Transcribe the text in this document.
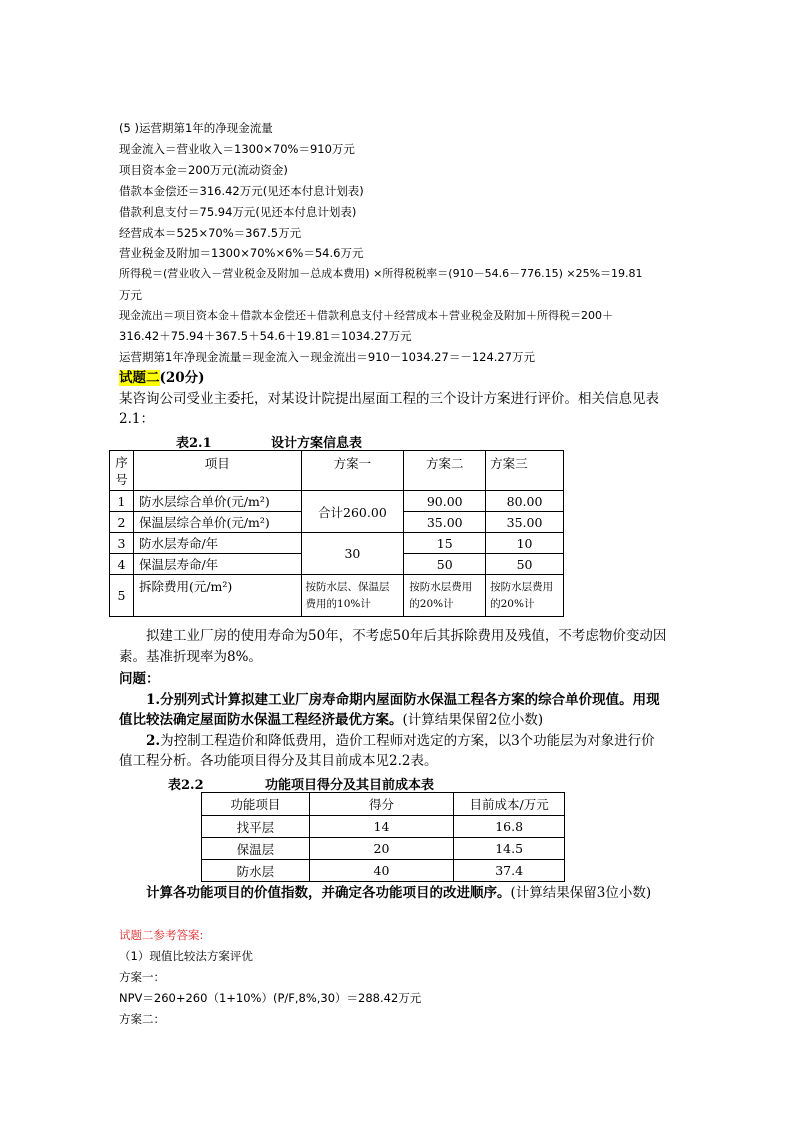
(5 )运营期第1年的净现金流量
现金流入＝营业收入＝1300×70%＝910万元
项目资本金＝200万元(流动资金)
借款本金偿还＝316.42万元(见还本付息计划表)
借款利息支付＝75.94万元(见还本付息计划表)
经营成本＝525×70%＝367.5万元
营业税金及附加＝1300×70%×6%＝54.6万元
所得税＝(营业收入－营业税金及附加－总成本费用) ×所得税税率＝(910－54.6－776.15) ×25%＝19.81
万元
现金流出＝项目资本金＋借款本金偿还＋借款利息支付＋经营成本＋营业税金及附加＋所得税＝200＋
316.42＋75.94＋367.5＋54.6＋19.81＝1034.27万元
运营期第1年净现金流量＝现金流入－现金流出＝910－1034.27＝－124.27万元
试题二(20分)
某咨询公司受业主委托，对某设计院提出屋面工程的三个设计方案进行评价。相关信息见表
2.1：
表2.1	设计方案信息表
序号	项目	方案一	方案二	方案三
1	防水层综合单价(元/m²)	合计260.00	90.00	80.00
2	保温层综合单价(元/m²)		35.00	35.00
3	防水层寿命/年	30	15	10
4	保温层寿命/年		50	50
5	拆除费用(元/m²)	按防水层、保温层费用的10%计	按防水层费用的20%计	按防水层费用的20%计
拟建工业厂房的使用寿命为50年，不考虑50年后其拆除费用及残值，不考虑物价变动因
素。基准折现率为8%。
问题：
1.分别列式计算拟建工业厂房寿命期内屋面防水保温工程各方案的综合单价现值。用现
值比较法确定屋面防水保温工程经济最优方案。(计算结果保留2位小数)
2.为控制工程造价和降低费用，造价工程师对选定的方案，以3个功能层为对象进行价
值工程分析。各功能项目得分及其目前成本见2.2表。
表2.2	功能项目得分及其目前成本表
功能项目	得分	目前成本/万元
找平层	14	16.8
保温层	20	14.5
防水层	40	37.4
计算各功能项目的价值指数，并确定各功能项目的改进顺序。(计算结果保留3位小数)
试题二参考答案:
（1）现值比较法方案评优
方案一：
NPV＝260+260（1+10%）(P/F,8%,30）＝288.42万元
方案二：
